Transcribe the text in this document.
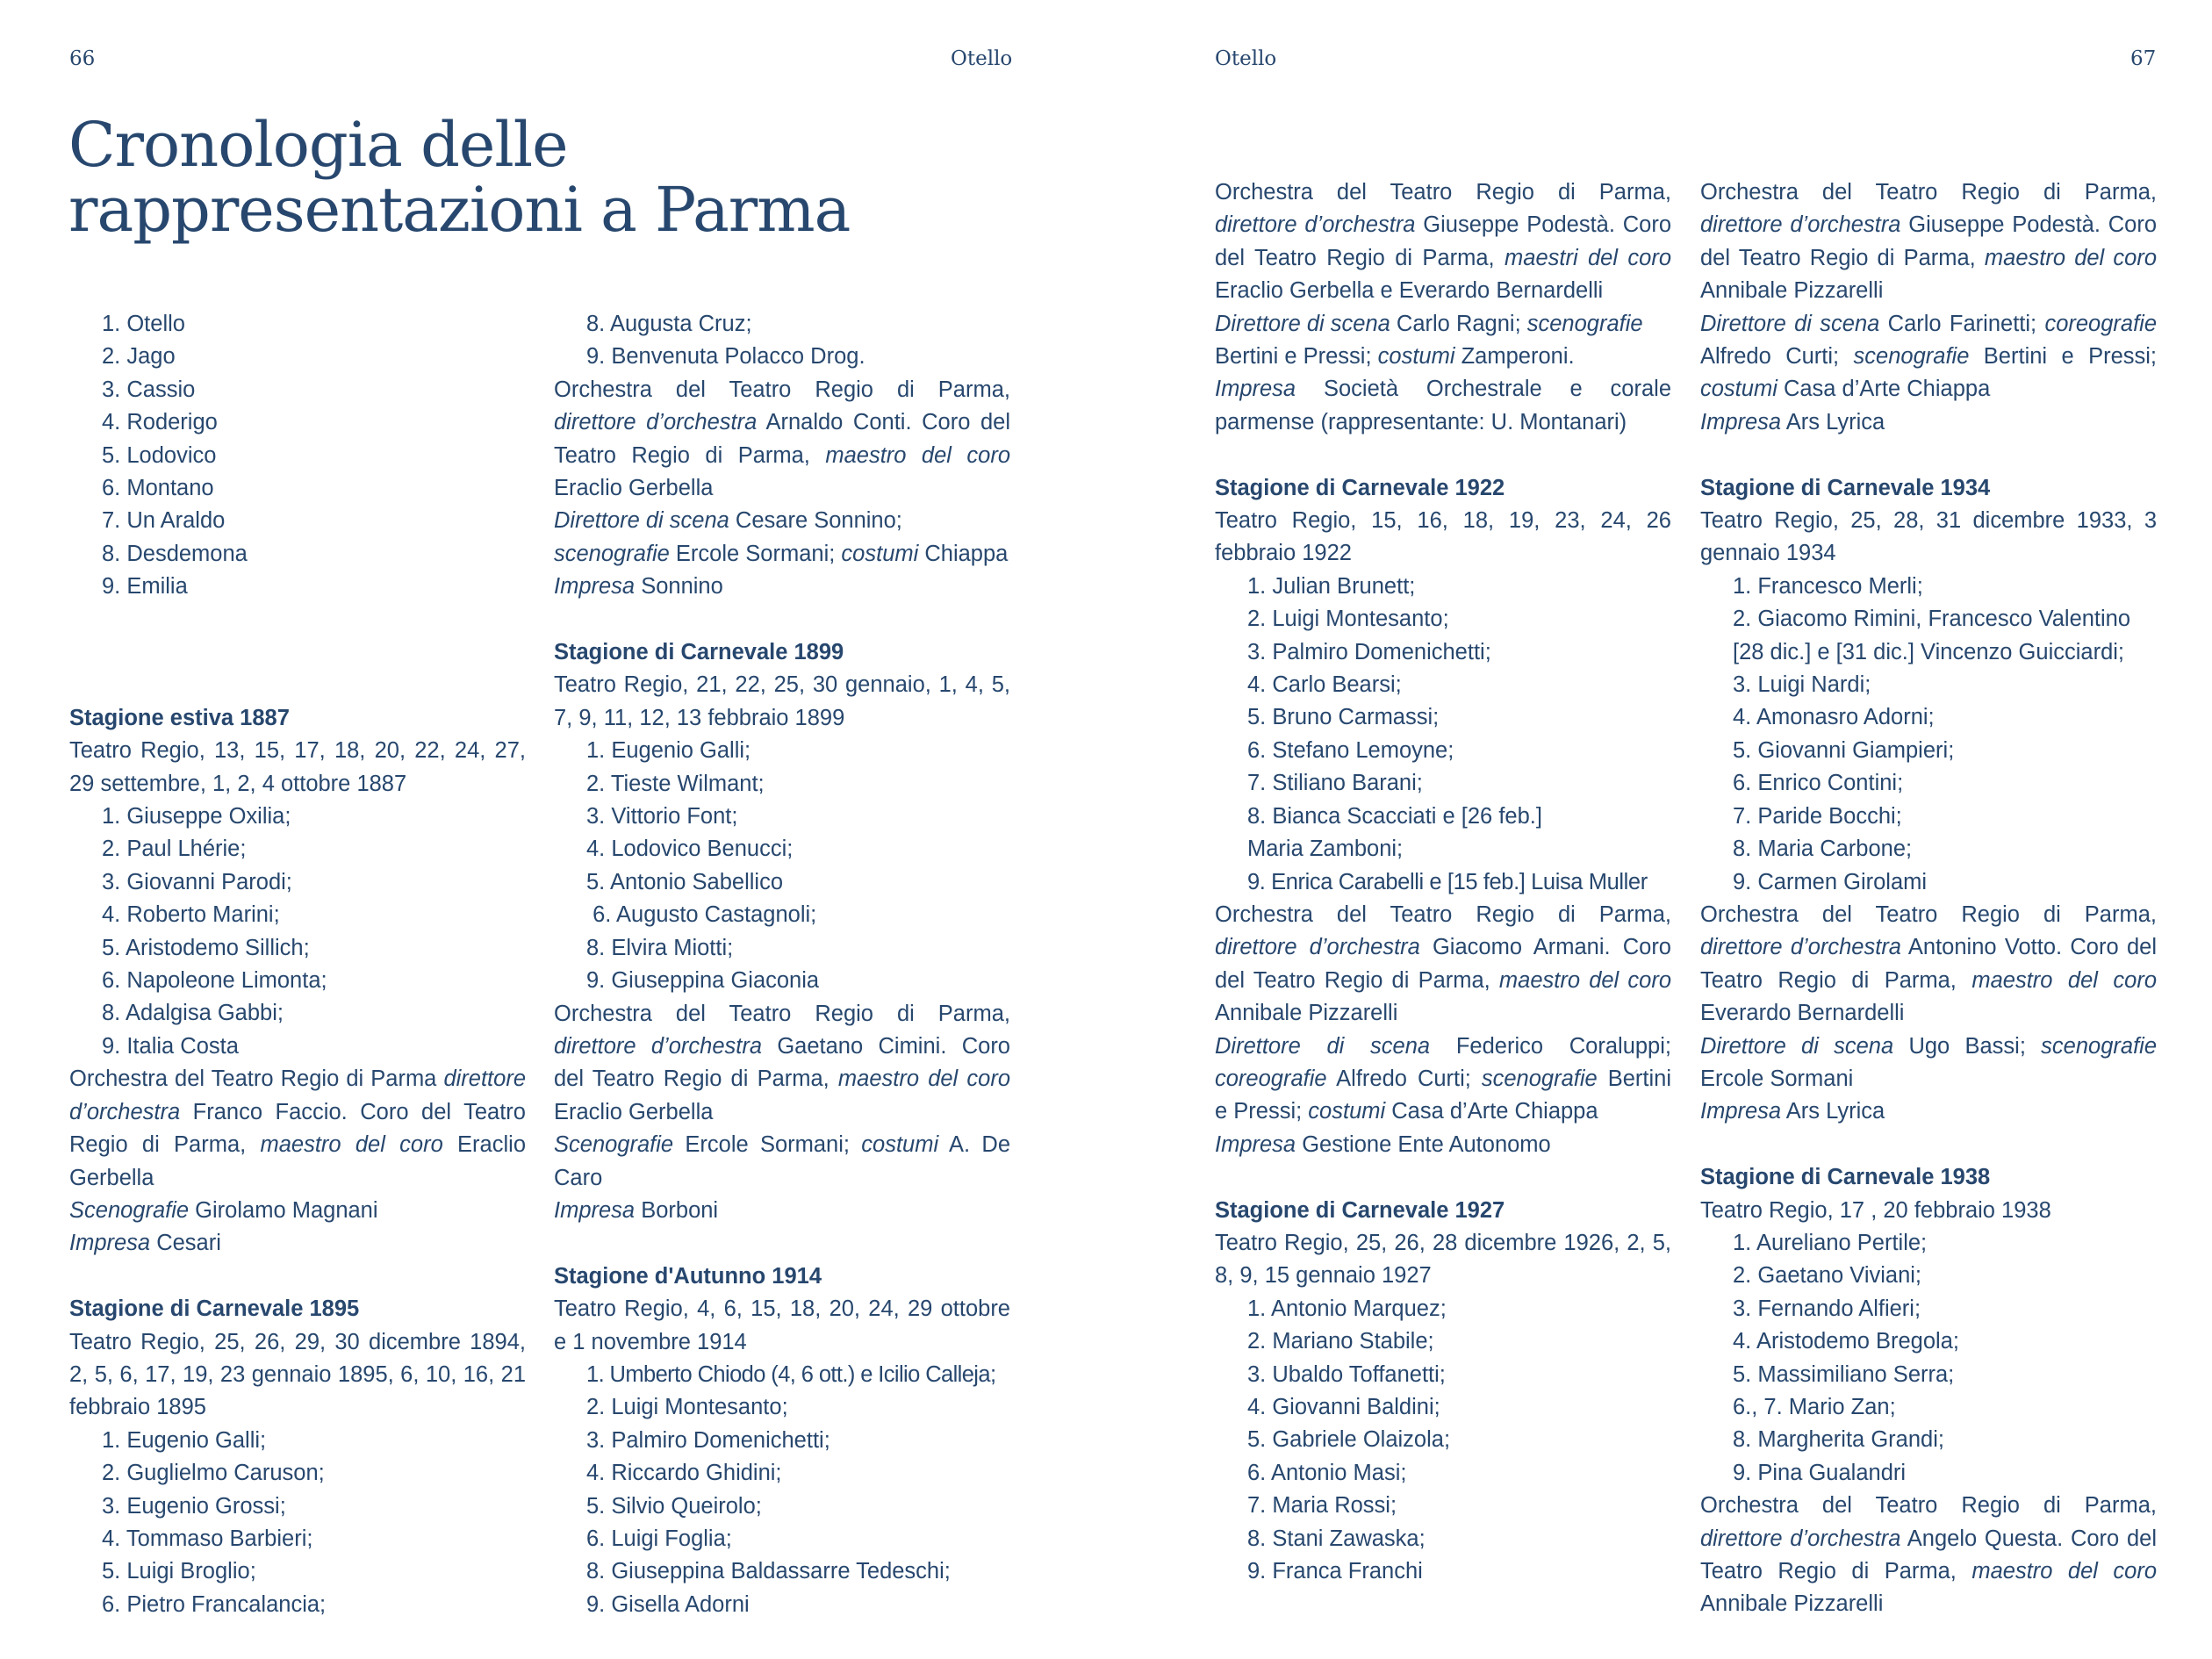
66	Otello
Cronologia delle
rappresentazioni a Parma

1. Otello

2. Jago

3. Cassio

4. Roderigo

5. Lodovico

6. Montano

7. Un Araldo

8. Desdemona

9. Emilia

Stagione estiva 1887

Teatro Regio, 13, 15, 17, 18, 20, 22, 24, 27, 29 settembre, 1, 2, 4 ottobre 1887

1. Giuseppe Oxilia;

2. Paul Lhérie;

3. Giovanni Parodi;

4. Roberto Marini;

5. Aristodemo Sillich;

6. Napoleone Limonta;

8. Adalgisa Gabbi;

9. Italia Costa

Orchestra del Teatro Regio di Parma direttore d’orchestra Franco Faccio. Coro del Teatro Regio di Parma, maestro del coro Eraclio Gerbella

Scenografie Girolamo Magnani

Impresa Cesari

Stagione di Carnevale 1895

Teatro Regio, 25, 26, 29, 30 dicembre 1894, 2, 5, 6, 17, 19, 23 gennaio 1895, 6, 10, 16, 21 febbraio 1895

1. Eugenio Galli;

2. Guglielmo Caruson;

3. Eugenio Grossi;

4. Tommaso Barbieri;

5. Luigi Broglio;

6. Pietro Francalancia;

8. Augusta Cruz;

9. Benvenuta Polacco Drog.

Orchestra del Teatro Regio di Parma, direttore d’orchestra Arnaldo Conti. Coro del Teatro Regio di Parma, maestro del coro Eraclio Gerbella

Direttore di scena Cesare Sonnino; scenografie Ercole Sormani; costumi Chiappa

Impresa Sonnino

Stagione di Carnevale 1899

Teatro Regio, 21, 22, 25, 30 gennaio, 1, 4, 5, 7, 9, 11, 12, 13 febbraio 1899

1. Eugenio Galli;

2. Tieste Wilmant;

3. Vittorio Font;

4. Lodovico Benucci;

5. Antonio Sabellico

6. Augusto Castagnoli;

8. Elvira Miotti;

9. Giuseppina Giaconia

Orchestra del Teatro Regio di Parma, direttore d’orchestra Gaetano Cimini. Coro del Teatro Regio di Parma, maestro del coro Eraclio Gerbella

Scenografie Ercole Sormani; costumi A. De Caro

Impresa Borboni

Stagione d'Autunno 1914

Teatro Regio, 4, 6, 15, 18, 20, 24, 29 ottobre e 1 novembre 1914

1. Umberto Chiodo (4, 6 ott.) e Icilio Calleja;

2. Luigi Montesanto;

3. Palmiro Domenichetti;

4. Riccardo Ghidini;

5. Silvio Queirolo;

6. Luigi Foglia;

8. Giuseppina Baldassarre Tedeschi;

9. Gisella Adorni

Otello	67

Orchestra del Teatro Regio di Parma, direttore d’orchestra Giuseppe Podestà. Coro del Teatro Regio di Parma, maestri del coro Eraclio Gerbella e Everardo Bernardelli

Direttore di scena Carlo Ragni; scenografie Bertini e Pressi; costumi Zamperoni.

Impresa Società Orchestrale e corale parmense (rappresentante: U. Montanari)

Stagione di Carnevale 1922

Teatro Regio, 15, 16, 18, 19, 23, 24, 26 febbraio 1922

1. Julian Brunett;

2. Luigi Montesanto;

3. Palmiro Domenichetti;

4. Carlo Bearsi;

5. Bruno Carmassi;

6. Stefano Lemoyne;

7. Stiliano Barani;

8. Bianca Scacciati e [26 feb.] Maria Zamboni;

9. Enrica Carabelli e [15 feb.] Luisa Muller

Orchestra del Teatro Regio di Parma, direttore d’orchestra Giacomo Armani. Coro del Teatro Regio di Parma, maestro del coro Annibale Pizzarelli

Direttore di scena Federico Coraluppi; coreografie Alfredo Curti; scenografie Bertini e Pressi; costumi Casa d’Arte Chiappa

Impresa Gestione Ente Autonomo

Stagione di Carnevale 1927

Teatro Regio, 25, 26, 28 dicembre 1926, 2, 5, 8, 9, 15 gennaio 1927

1. Antonio Marquez;

2. Mariano Stabile;

3. Ubaldo Toffanetti;

4. Giovanni Baldini;

5. Gabriele Olaizola;

6. Antonio Masi;

7. Maria Rossi;

8. Stani Zawaska;

9. Franca Franchi

Orchestra del Teatro Regio di Parma, direttore d’orchestra Giuseppe Podestà. Coro del Teatro Regio di Parma, maestro del coro Annibale Pizzarelli

Direttore di scena Carlo Farinetti; coreografie Alfredo Curti; scenografie Bertini e Pressi; costumi Casa d’Arte Chiappa

Impresa Ars Lyrica

Stagione di Carnevale 1934

Teatro Regio, 25, 28, 31 dicembre 1933, 3 gennaio 1934

1. Francesco Merli;

2. Giacomo Rimini, Francesco Valentino [28 dic.] e [31 dic.] Vincenzo Guicciardi;

3. Luigi Nardi;

4. Amonasro Adorni;

5. Giovanni Giampieri;

6. Enrico Contini;

7. Paride Bocchi;

8. Maria Carbone;

9. Carmen Girolami

Orchestra del Teatro Regio di Parma, direttore d’orchestra Antonino Votto. Coro del Teatro Regio di Parma, maestro del coro Everardo Bernardelli

Direttore di scena Ugo Bassi; scenografie Ercole Sormani

Impresa Ars Lyrica

Stagione di Carnevale 1938

Teatro Regio, 17 , 20 febbraio 1938

1. Aureliano Pertile;

2. Gaetano Viviani;

3. Fernando Alfieri;

4. Aristodemo Bregola;

5. Massimiliano Serra;

6., 7. Mario Zan;

8. Margherita Grandi;

9. Pina Gualandri

Orchestra del Teatro Regio di Parma, direttore d’orchestra Angelo Questa. Coro del Teatro Regio di Parma, maestro del coro Annibale Pizzarelli
